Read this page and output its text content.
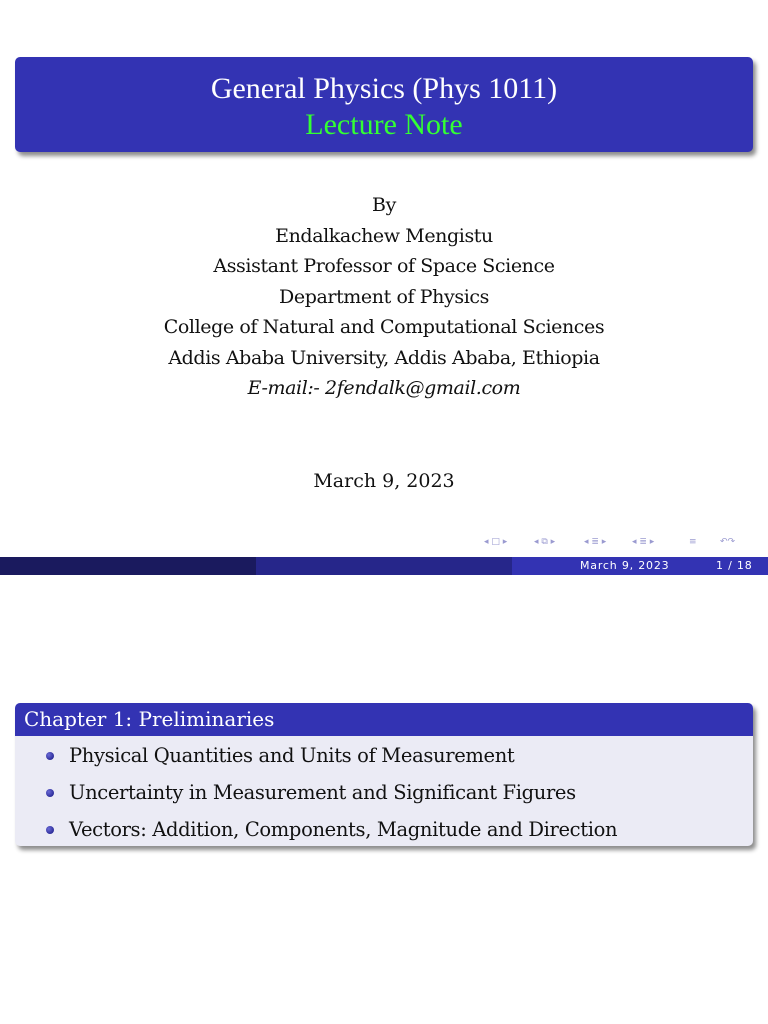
General Physics (Phys 1011)
Lecture Note
By
Endalkachew Mengistu
Assistant Professor of Space Science
Department of Physics
College of Natural and Computational Sciences
Addis Ababa University, Addis Ababa, Ethiopia
E-mail:- 2fendalk@gmail.com
March 9, 2023
◂ □ ▸	◂ ⧉ ▸	◂ ≣ ▸	◂ ≣ ▸	≡	↶↷
March 9, 2023	1 / 18
Chapter 1: Preliminaries
Physical Quantities and Units of Measurement
Uncertainty in Measurement and Significant Figures
Vectors: Addition, Components, Magnitude and Direction
